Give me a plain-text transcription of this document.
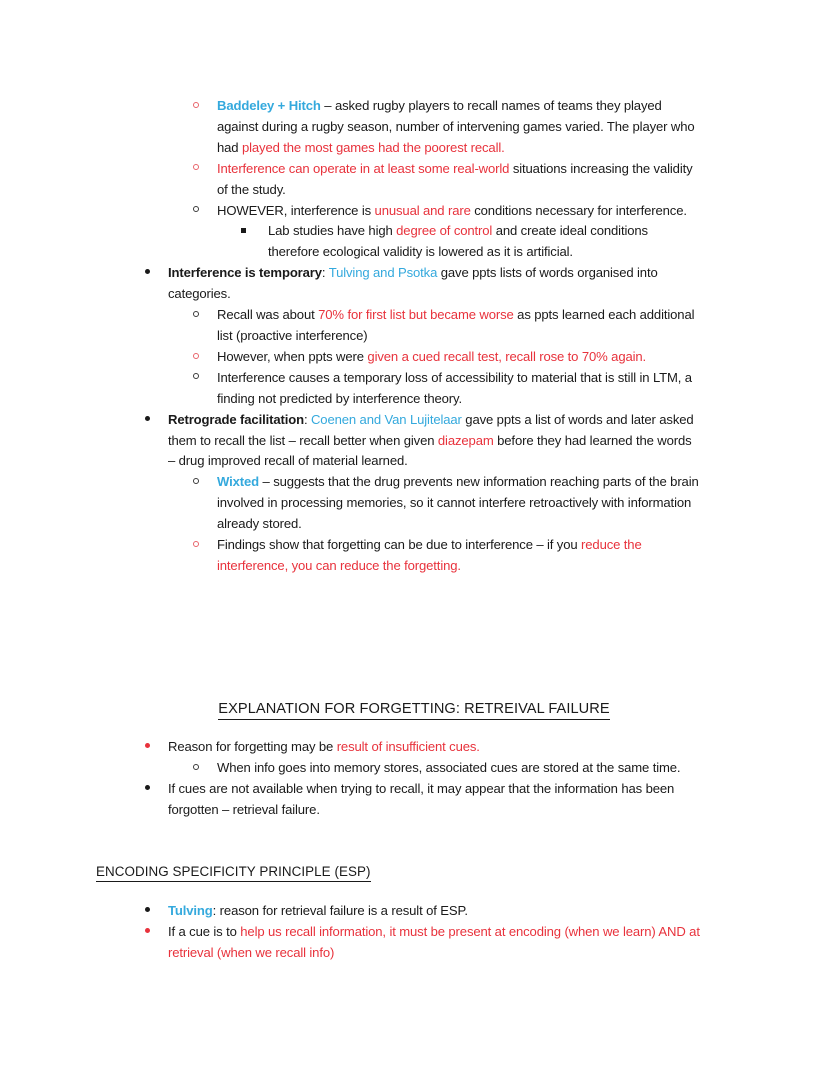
Baddeley + Hitch – asked rugby players to recall names of teams they played against during a rugby season, number of intervening games varied. The player who had played the most games had the poorest recall.
Interference can operate in at least some real-world situations increasing the validity of the study.
HOWEVER, interference is unusual and rare conditions necessary for interference.
Lab studies have high degree of control and create ideal conditions therefore ecological validity is lowered as it is artificial.
Interference is temporary: Tulving and Psotka gave ppts lists of words organised into categories.
Recall was about 70% for first list but became worse as ppts learned each additional list (proactive interference)
However, when ppts were given a cued recall test, recall rose to 70% again.
Interference causes a temporary loss of accessibility to material that is still in LTM, a finding not predicted by interference theory.
Retrograde facilitation: Coenen and Van Lujitelaar gave ppts a list of words and later asked them to recall the list – recall better when given diazepam before they had learned the words – drug improved recall of material learned.
Wixted – suggests that the drug prevents new information reaching parts of the brain involved in processing memories, so it cannot interfere retroactively with information already stored.
Findings show that forgetting can be due to interference – if you reduce the interference, you can reduce the forgetting.
EXPLANATION FOR FORGETTING: RETREIVAL FAILURE
Reason for forgetting may be result of insufficient cues.
When info goes into memory stores, associated cues are stored at the same time.
If cues are not available when trying to recall, it may appear that the information has been forgotten – retrieval failure.
ENCODING SPECIFICITY PRINCIPLE (ESP)
Tulving: reason for retrieval failure is a result of ESP.
If a cue is to help us recall information, it must be present at encoding (when we learn) AND at retrieval (when we recall info)
